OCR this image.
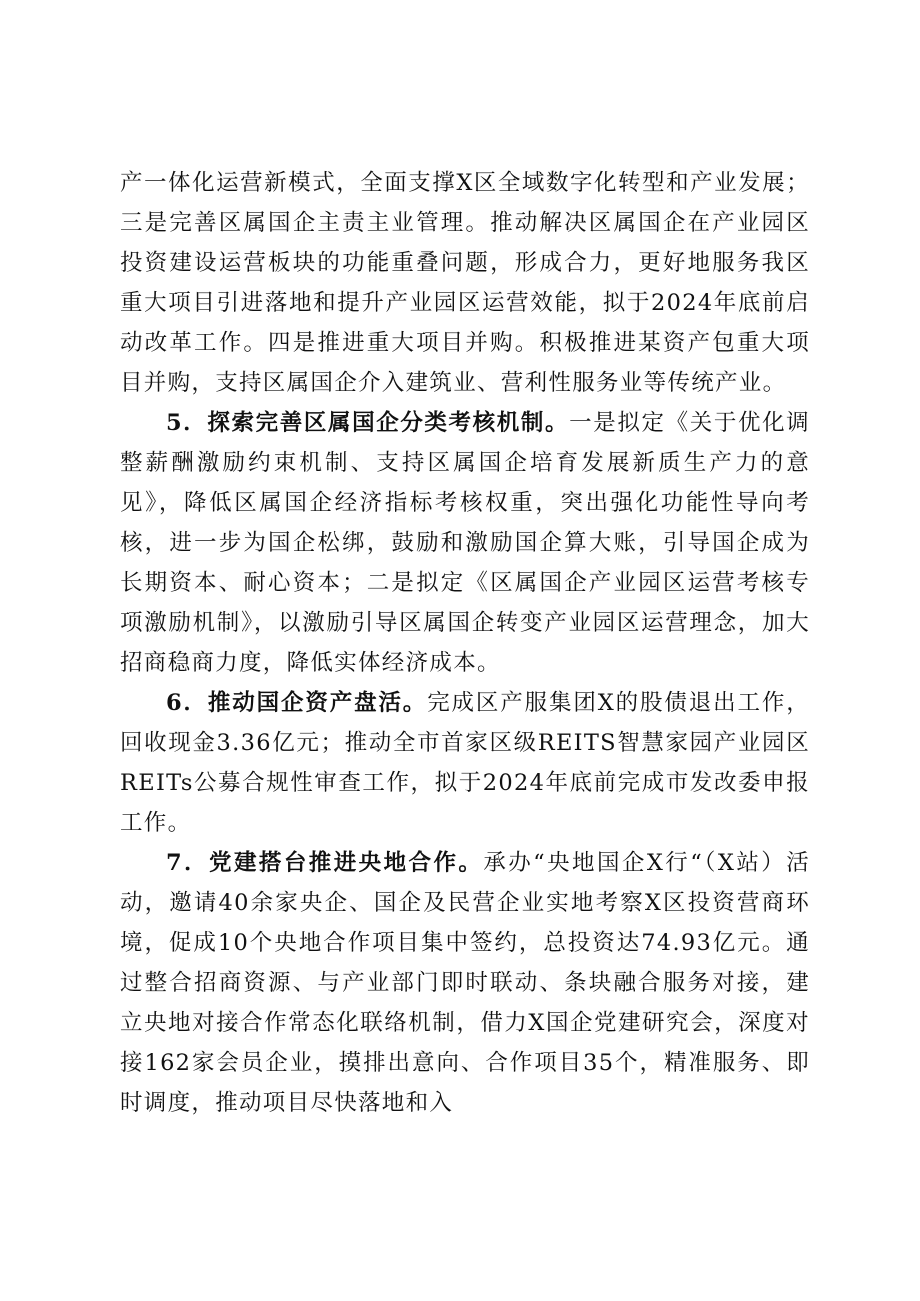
产一体化运营新模式，全面支撑X区全域数字化转型和产业发展；三是完善区属国企主责主业管理。推动解决区属国企在产业园区投资建设运营板块的功能重叠问题，形成合力，更好地服务我区重大项目引进落地和提升产业园区运营效能，拟于2024年底前启动改革工作。四是推进重大项目并购。积极推进某资产包重大项目并购，支持区属国企介入建筑业、营利性服务业等传统产业。

5．探索完善区属国企分类考核机制。一是拟定《关于优化调整薪酬激励约束机制、支持区属国企培育发展新质生产力的意见》，降低区属国企经济指标考核权重，突出强化功能性导向考核，进一步为国企松绑，鼓励和激励国企算大账，引导国企成为长期资本、耐心资本；二是拟定《区属国企产业园区运营考核专项激励机制》，以激励引导区属国企转变产业园区运营理念，加大招商稳商力度，降低实体经济成本。

6．推动国企资产盘活。完成区产服集团X的股债退出工作，回收现金3.36亿元；推动全市首家区级REITS智慧家园产业园区REITs公募合规性审查工作，拟于2024年底前完成市发改委申报工作。

7．党建搭台推进央地合作。承办“央地国企X行“（X站）活动，邀请40余家央企、国企及民营企业实地考察X区投资营商环境，促成10个央地合作项目集中签约，总投资达74.93亿元。通过整合招商资源、与产业部门即时联动、条块融合服务对接，建立央地对接合作常态化联络机制，借力X国企党建研究会，深度对接162家会员企业，摸排出意向、合作项目35个，精准服务、即时调度，推动项目尽快落地和入
